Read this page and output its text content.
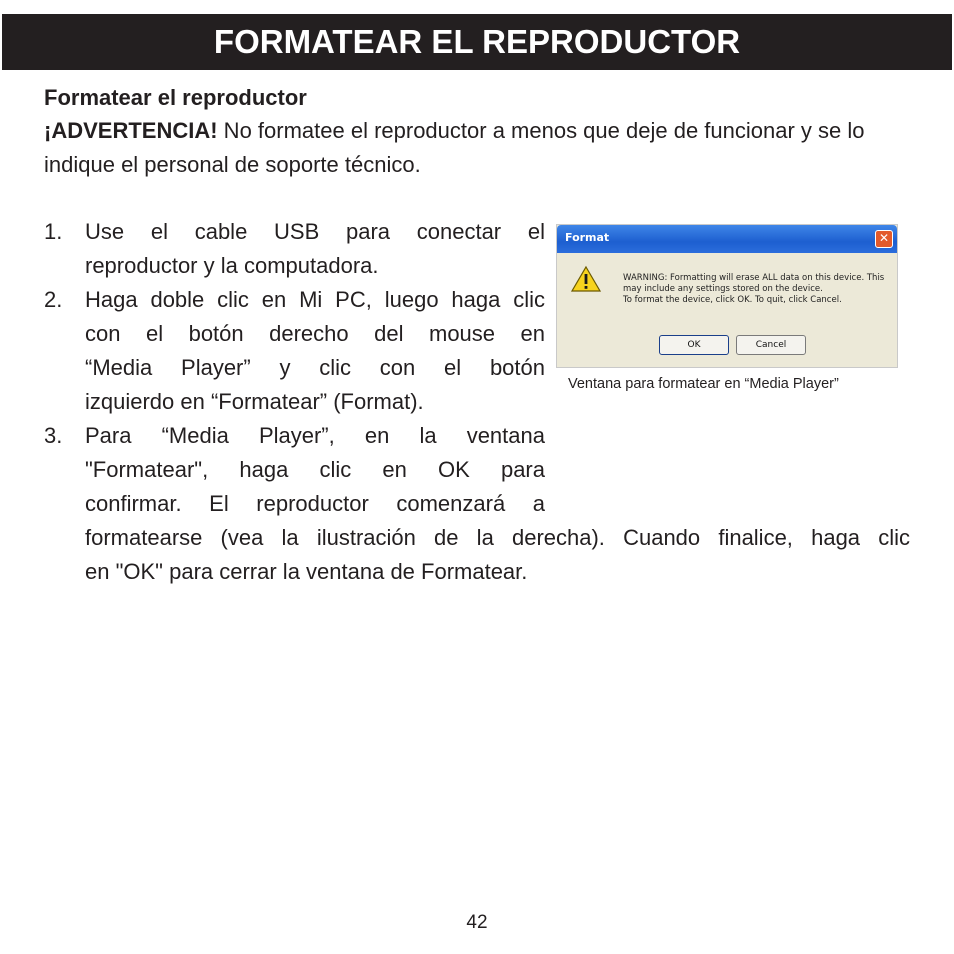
FORMATEAR EL REPRODUCTOR
Formatear el reproductor
¡ADVERTENCIA! No formatee el reproductor a menos que deje de funcionar y se lo indique el personal de soporte técnico.
1. Use el cable USB para conectar el
reproductor y la computadora.
2. Haga doble clic en Mi PC, luego haga clic
con el botón derecho del mouse en
“Media Player” y clic con el botón
izquierdo en “Formatear” (Format).
3. Para “Media Player”, en la ventana
"Formatear", haga clic en OK para
confirmar. El reproductor comenzará a
formatearse (vea la ilustración de la derecha). Cuando finalice, haga clic
en "OK" para cerrar la ventana de Formatear.
Format	✕
WARNING: Formatting will erase ALL data on this device. This may include any settings stored on the device.
To format the device, click OK. To quit, click Cancel.
OK	Cancel
Ventana para formatear en “Media Player”
42
